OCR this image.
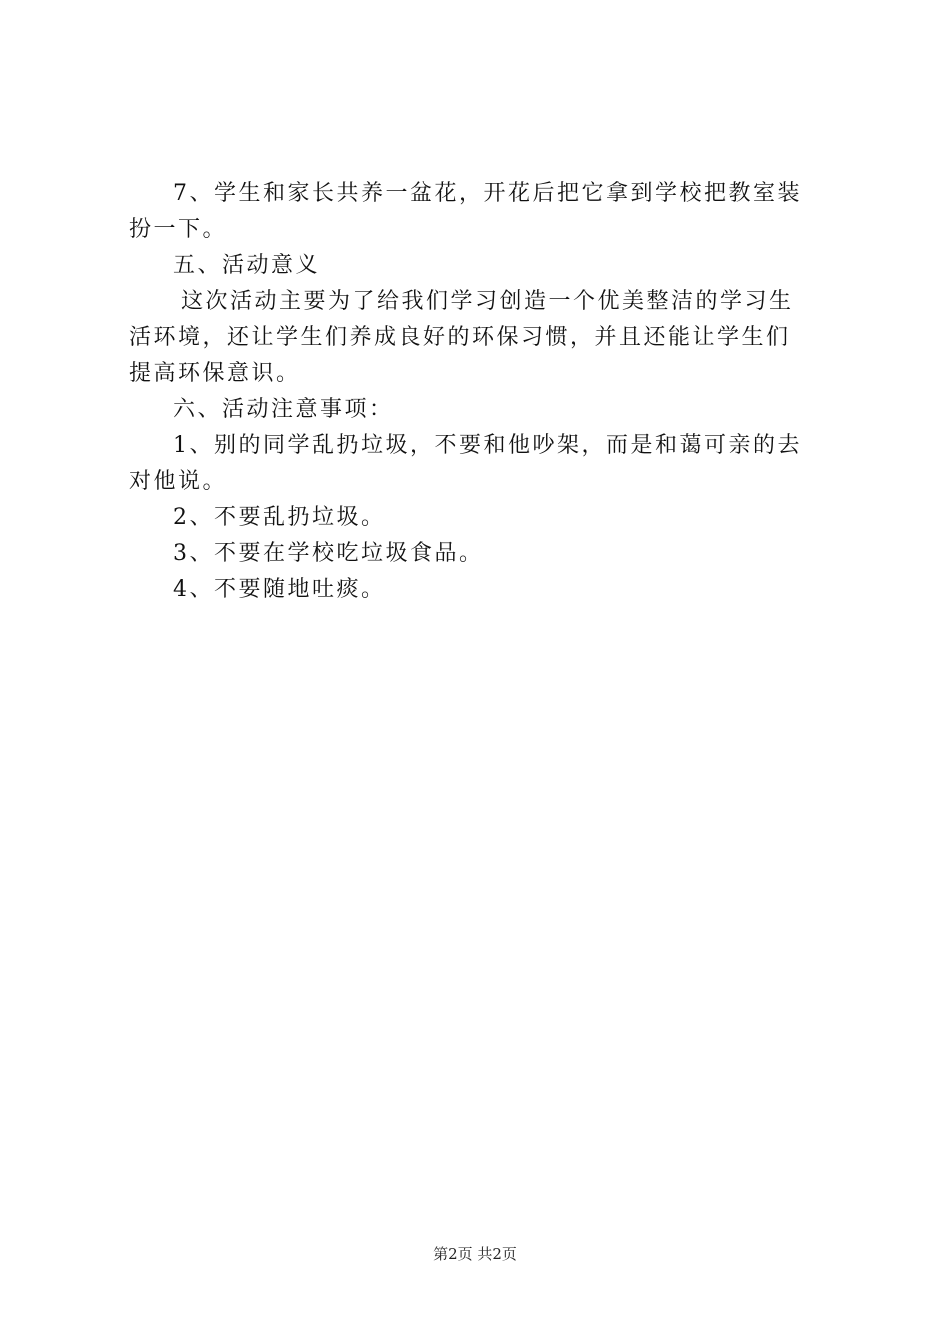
7、学生和家长共养一盆花，开花后把它拿到学校把教室装
扮一下。
五、活动意义
这次活动主要为了给我们学习创造一个优美整洁的学习生
活环境，还让学生们养成良好的环保习惯，并且还能让学生们
提高环保意识。
六、活动注意事项：
1、别的同学乱扔垃圾，不要和他吵架，而是和蔼可亲的去
对他说。
2、不要乱扔垃圾。
3、不要在学校吃垃圾食品。
4、不要随地吐痰。
第2页 共2页
